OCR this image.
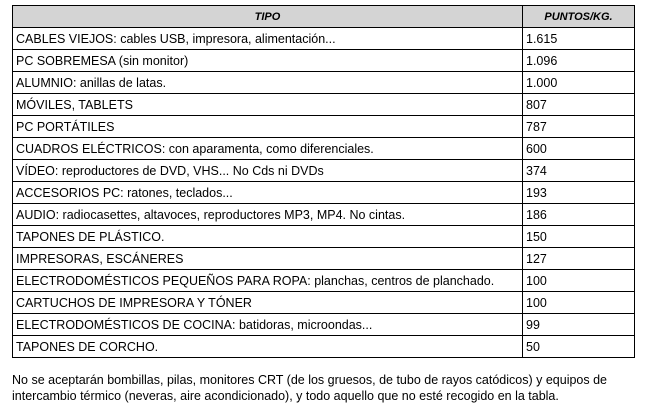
TIPO	PUNTOS/KG.
CABLES VIEJOS: cables USB, impresora, alimentación...	1.615
PC SOBREMESA (sin monitor)	1.096
ALUMNIO: anillas de latas.	1.000
MÓVILES, TABLETS	807
PC PORTÁTILES	787
CUADROS ELÉCTRICOS: con aparamenta, como diferenciales.	600
VÍDEO: reproductores de DVD, VHS... No Cds ni DVDs	374
ACCESORIOS PC: ratones, teclados...	193
AUDIO: radiocasettes, altavoces, reproductores MP3, MP4. No cintas.	186
TAPONES DE PLÁSTICO.	150
IMPRESORAS, ESCÁNERES	127
ELECTRODOMÉSTICOS PEQUEÑOS PARA ROPA: planchas, centros de planchado.	100
CARTUCHOS DE IMPRESORA Y TÓNER	100
ELECTRODOMÉSTICOS DE COCINA: batidoras, microondas...	99
TAPONES DE CORCHO.	50
No se aceptarán bombillas, pilas, monitores CRT (de los gruesos, de tubo de rayos catódicos) y equipos de intercambio térmico (neveras, aire acondicionado), y todo aquello que no esté recogido en la tabla.
